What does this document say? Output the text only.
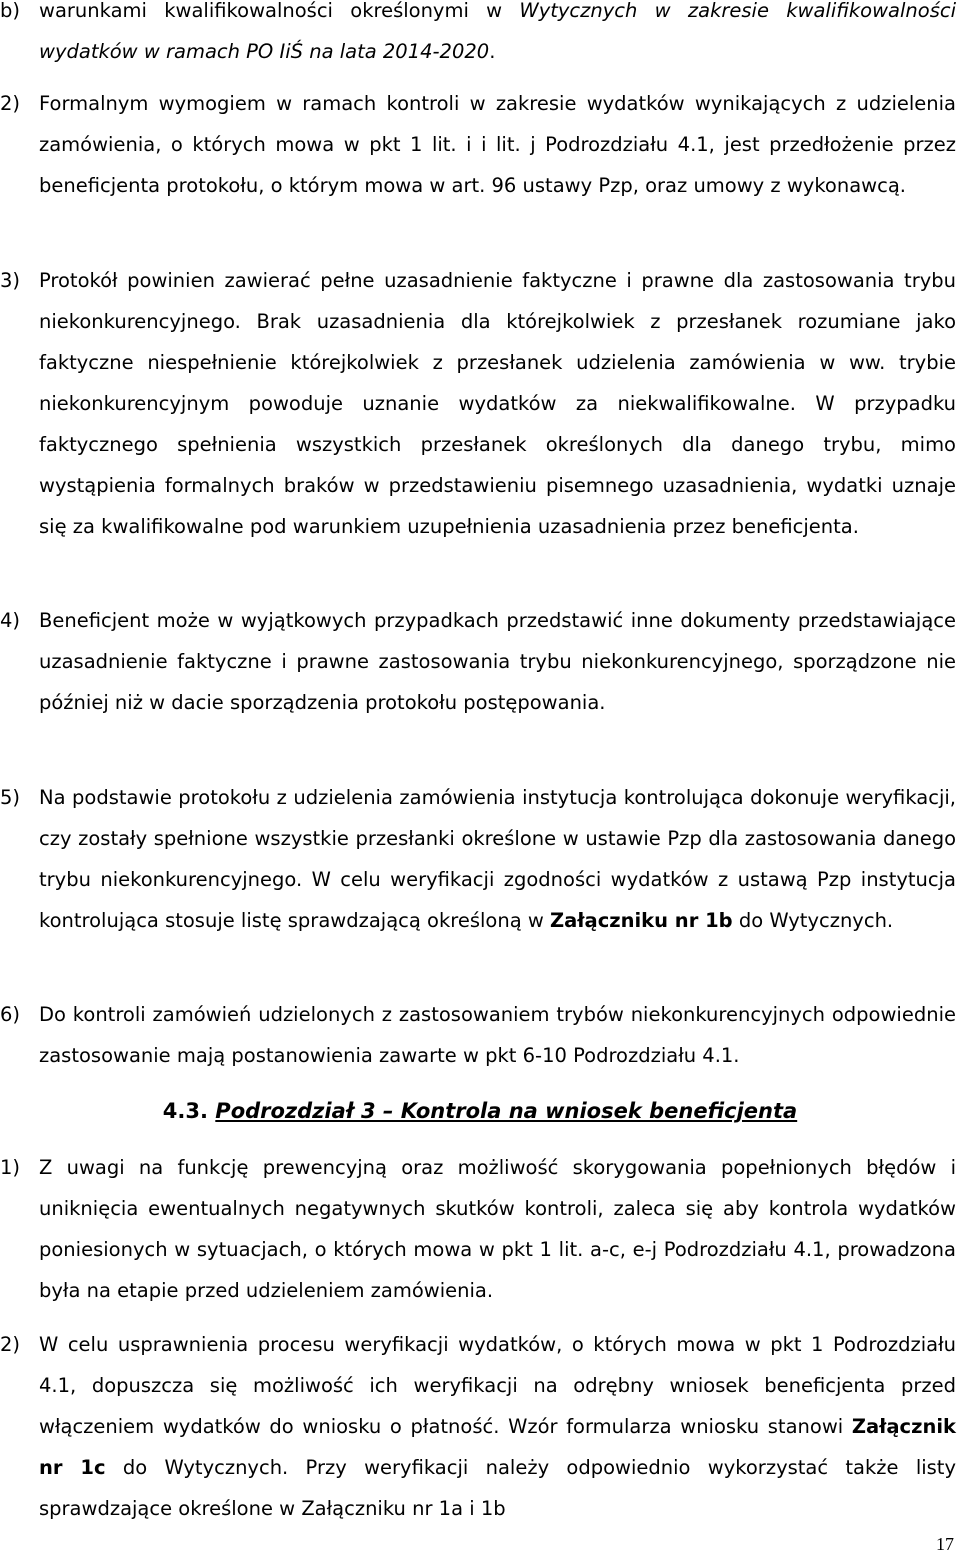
b) warunkami kwalifikowalności określonymi w Wytycznych w zakresie kwalifikowalności wydatków w ramach PO IiŚ na lata 2014-2020.

2) Formalnym wymogiem w ramach kontroli w zakresie wydatków wynikających z udzielenia zamówienia, o których mowa w pkt 1 lit. i i lit. j Podrozdziału 4.1, jest przedłożenie przez beneficjenta protokołu, o którym mowa w art. 96 ustawy Pzp, oraz umowy z wykonawcą.

3) Protokół powinien zawierać pełne uzasadnienie faktyczne i prawne dla zastosowania trybu niekonkurencyjnego. Brak uzasadnienia dla którejkolwiek z przesłanek rozumiane jako faktyczne niespełnienie którejkolwiek z przesłanek udzielenia zamówienia w ww. trybie niekonkurencyjnym powoduje uznanie wydatków za niekwalifikowalne. W przypadku faktycznego spełnienia wszystkich przesłanek określonych dla danego trybu, mimo wystąpienia formalnych braków w przedstawieniu pisemnego uzasadnienia, wydatki uznaje się za kwalifikowalne pod warunkiem uzupełnienia uzasadnienia przez beneficjenta.

4) Beneficjent może w wyjątkowych przypadkach przedstawić inne dokumenty przedstawiające uzasadnienie faktyczne i prawne zastosowania trybu niekonkurencyjnego, sporządzone nie później niż w dacie sporządzenia protokołu postępowania.

5) Na podstawie protokołu z udzielenia zamówienia instytucja kontrolująca dokonuje weryfikacji, czy zostały spełnione wszystkie przesłanki określone w ustawie Pzp dla zastosowania danego trybu niekonkurencyjnego. W celu weryfikacji zgodności wydatków z ustawą Pzp instytucja kontrolująca stosuje listę sprawdzającą określoną w Załączniku nr 1b do Wytycznych.

6) Do kontroli zamówień udzielonych z zastosowaniem trybów niekonkurencyjnych odpowiednie zastosowanie mają postanowienia zawarte w pkt 6-10 Podrozdziału 4.1.

4.3. Podrozdział 3 – Kontrola na wniosek beneficjenta

1) Z uwagi na funkcję prewencyjną oraz możliwość skorygowania popełnionych błędów i uniknięcia ewentualnych negatywnych skutków kontroli, zaleca się aby kontrola wydatków poniesionych w sytuacjach, o których mowa w pkt 1 lit. a-c, e-j Podrozdziału 4.1, prowadzona była na etapie przed udzieleniem zamówienia.

2) W celu usprawnienia procesu weryfikacji wydatków, o których mowa w pkt 1 Podrozdziału 4.1, dopuszcza się możliwość ich weryfikacji na odrębny wniosek beneficjenta przed włączeniem wydatków do wniosku o płatność. Wzór formularza wniosku stanowi Załącznik nr 1c do Wytycznych. Przy weryfikacji należy odpowiednio wykorzystać także listy sprawdzające określone w Załączniku nr 1a i 1b

17
